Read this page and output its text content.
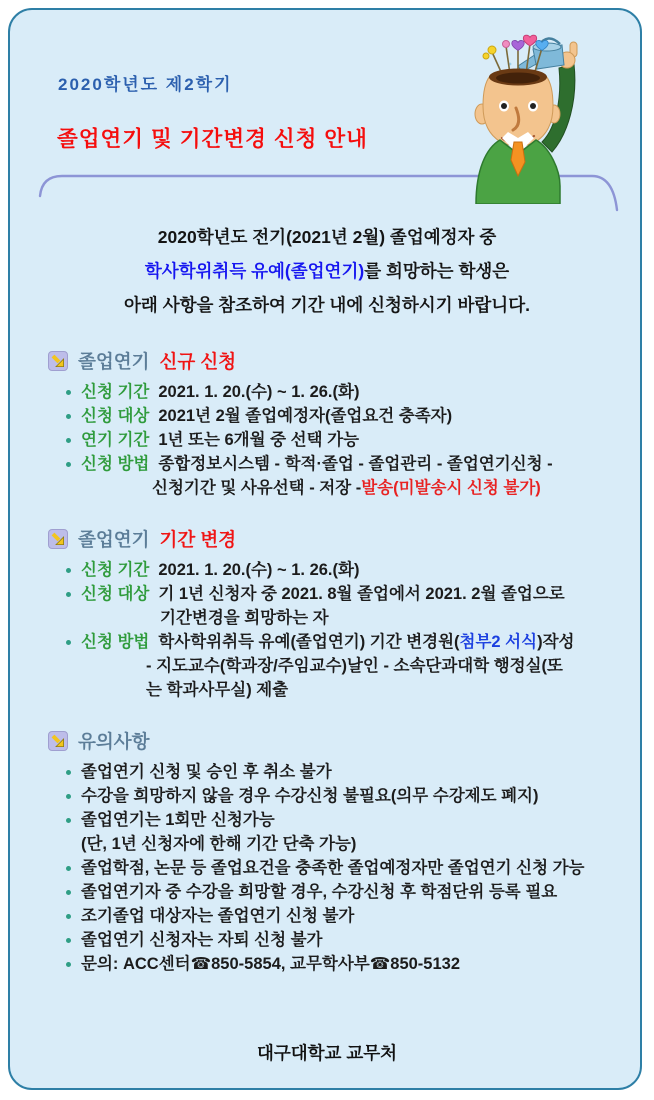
2020학년도 제2학기
졸업연기 및 기간변경 신청 안내
2020학년도 전기(2021년 2월) 졸업예정자 중
학사학위취득 유예(졸업연기)를 희망하는 학생은
아래 사항을 참조하여 기간 내에 신청하시기 바랍니다.
졸업연기 신규 신청
신청 기간 2021. 1. 20.(수) ~ 1. 26.(화)
신청 대상 2021년 2월 졸업예정자(졸업요건 충족자)
연기 기간 1년 또는 6개월 중 선택 가능
신청 방법 종합정보시스템 - 학적·졸업 - 졸업관리 - 졸업연기신청 -
신청기간 및 사유선택 - 저장 - 발송(미발송시 신청 불가)
졸업연기 기간 변경
신청 기간 2021. 1. 20.(수) ~ 1. 26.(화)
신청 대상 기 1년 신청자 중 2021. 8월 졸업에서 2021. 2월 졸업으로
기간변경을 희망하는 자
신청 방법 학사학위취득 유예(졸업연기) 기간 변경원(첨부2 서식)작성
- 지도교수(학과장/주임교수)날인 - 소속단과대학 행정실(또
는 학과사무실) 제출
유의사항
졸업연기 신청 및 승인 후 취소 불가
수강을 희망하지 않을 경우 수강신청 불필요(의무 수강제도 폐지)
졸업연기는 1회만 신청가능
(단, 1년 신청자에 한해 기간 단축 가능)
졸업학점, 논문 등 졸업요건을 충족한 졸업예정자만 졸업연기 신청 가능
졸업연기자 중 수강을 희망할 경우, 수강신청 후 학점단위 등록 필요
조기졸업 대상자는 졸업연기 신청 불가
졸업연기 신청자는 자퇴 신청 불가
문의: ACC센터☎850-5854, 교무학사부☎850-5132
대구대학교 교무처
